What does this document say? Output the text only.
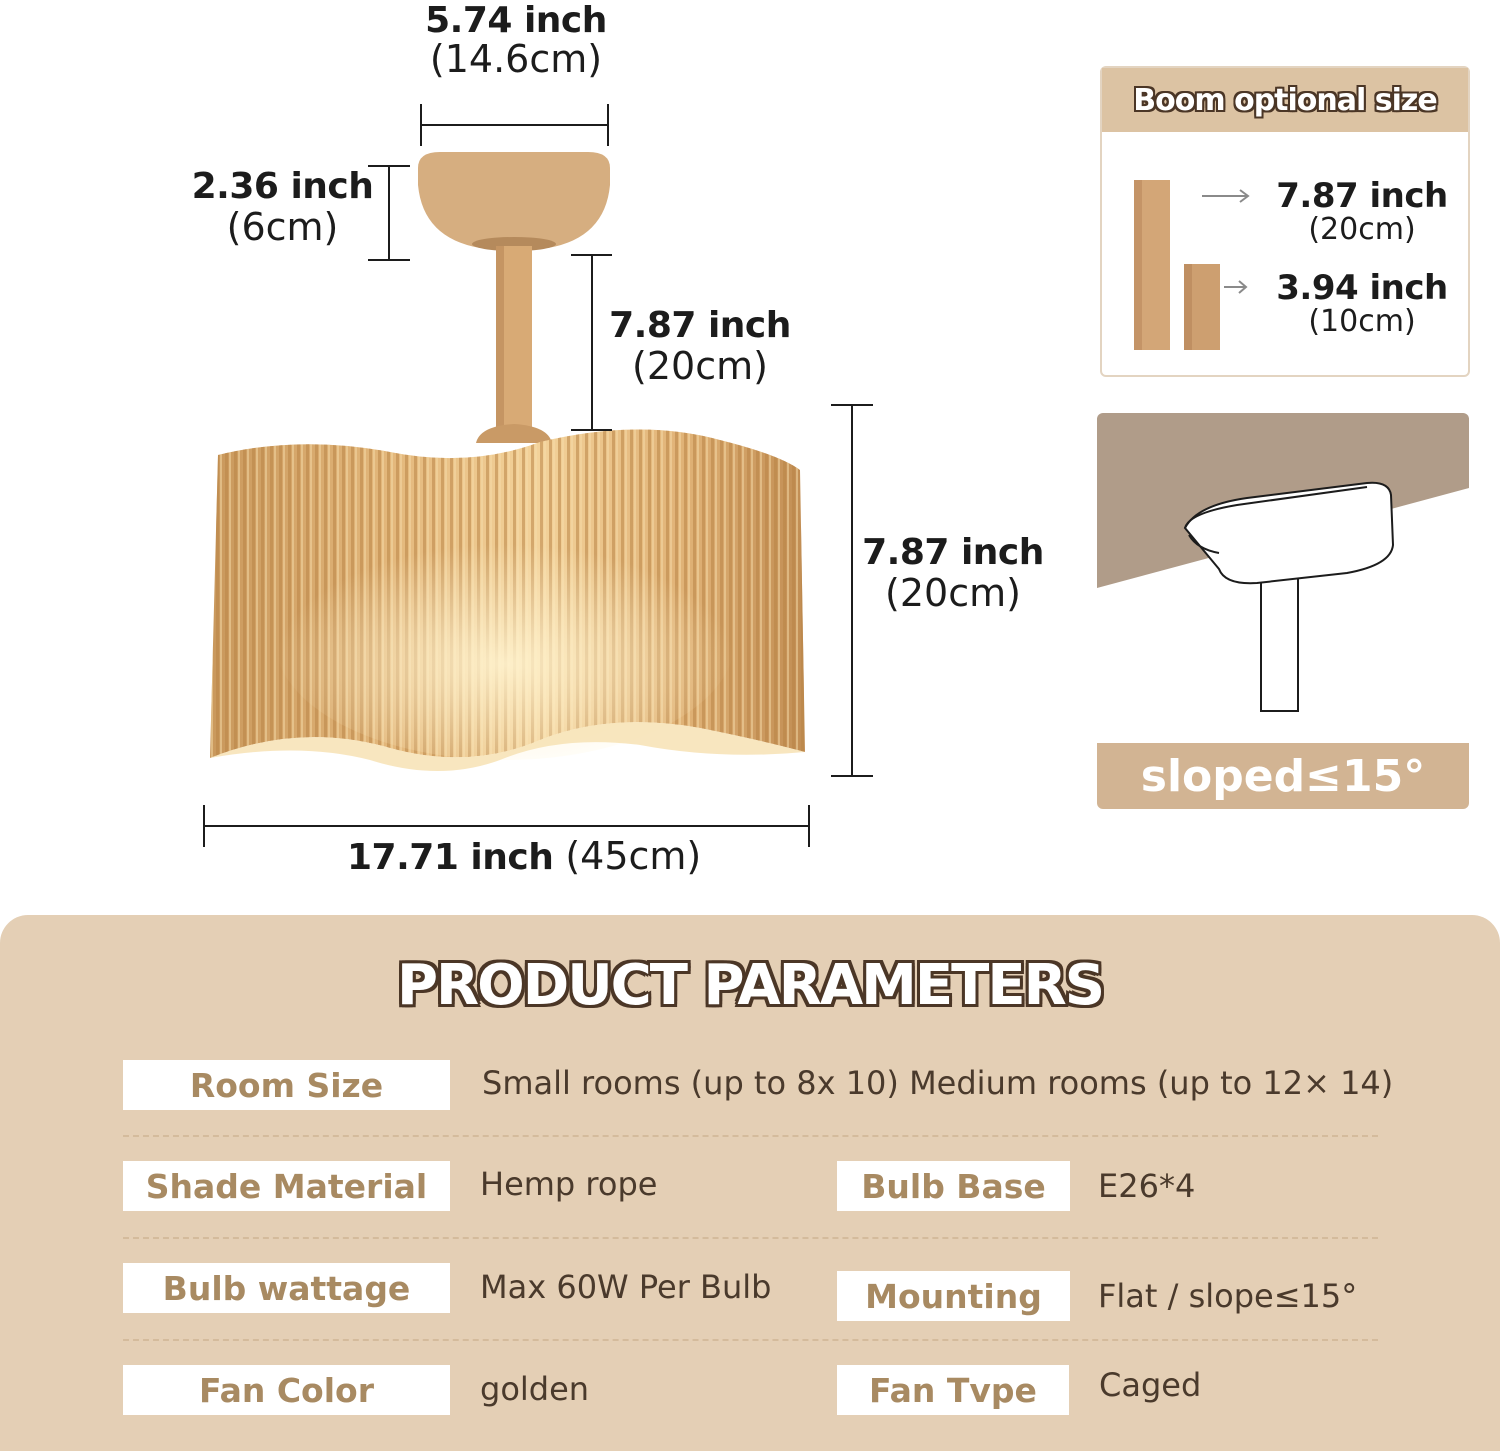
5.74 inch
(14.6cm)
2.36 inch
(6cm)
7.87 inch
(20cm)
7.87 inch
(20cm)
17.71 inch (45cm)
Boom optional size
7.87 inch
(20cm)
3.94 inch
(10cm)
sloped≤15°
PRODUCT PARAMETERS
Room Size	Small rooms (up to 8x 10) Medium rooms (up to 12× 14)
Shade Material	Hemp rope	Bulb Base	E26*4
Bulb wattage	Max 60W Per Bulb	Mounting	Flat / slope≤15°
Fan Color	golden	Fan Tvpe	Caged
